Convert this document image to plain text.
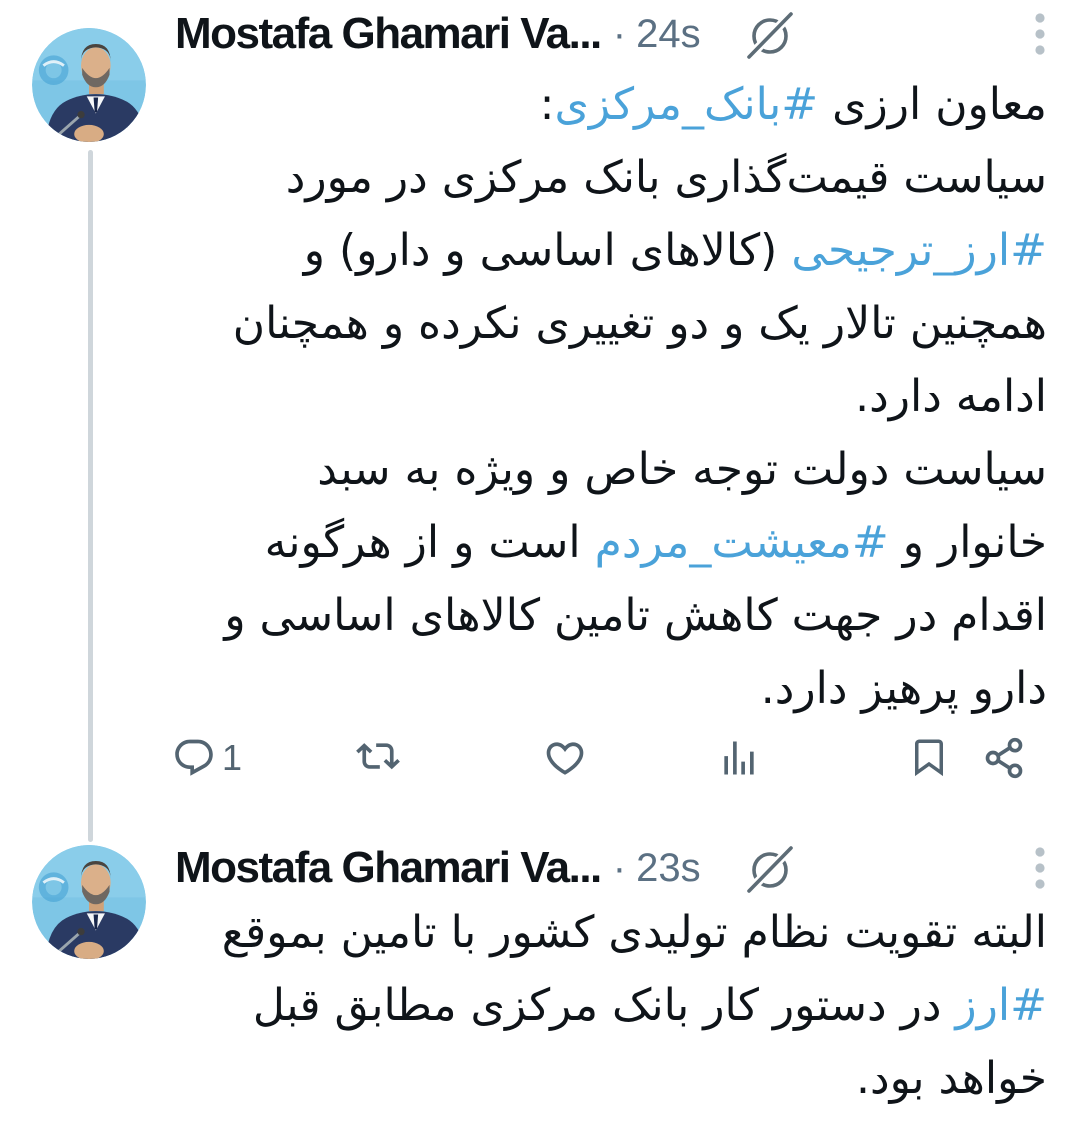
Mostafa Ghamari Va... · 24s
معاون ارزی #بانک_مرکزی:
سیاست قیمت‌گذاری بانک مرکزی در مورد
#ارز_ترجیحی (کالاهای اساسی و دارو) و
همچنین تالار یک و دو تغییری نکرده و همچنان
ادامه دارد.
سیاست دولت توجه خاص و ویژه به سبد
خانوار و #معیشت_مردم است و از هرگونه
اقدام در جهت کاهش تامین کالاهای اساسی و
دارو پرهیز دارد.
1
Mostafa Ghamari Va... · 23s
البته تقویت نظام تولیدی کشور با تامین بموقع
#ارز در دستور کار بانک مرکزی مطابق قبل
خواهد بود.
